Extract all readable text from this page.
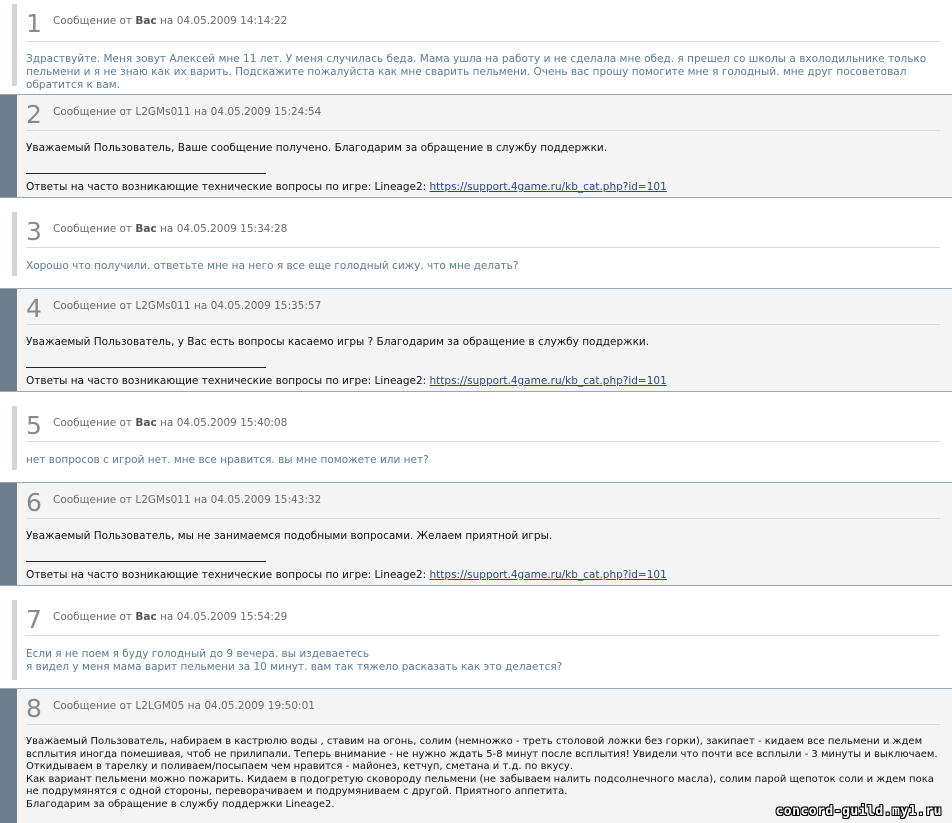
1 Сообщение от Вас на 04.05.2009 14:14:22
Здраствуйте. Меня зовут Алексей мне 11 лет. У меня случилась беда. Мама ушла на работу и не сделала мне обед. я прешел со школы а вхолодильнике только пельмени и я не знаю как их варить. Подскажите пожалуйста как мне сварить пельмени. Очень вас прошу помогите мне я голодный. мне друг посоветовал обратится к вам.
2 Сообщение от L2GMs011 на 04.05.2009 15:24:54
Уважаемый Пользователь, Ваше сообщение получено. Благодарим за обращение в службу поддержки.
Ответы на часто возникающие технические вопросы по игре: Lineage2: https://support.4game.ru/kb_cat.php?id=101
3 Сообщение от Вас на 04.05.2009 15:34:28
Хорошо что получили. ответьте мне на него я все еще голодный сижу. что мне делать?
4 Сообщение от L2GMs011 на 04.05.2009 15:35:57
Уважаемый Пользователь, у Вас есть вопросы касаемо игры ? Благодарим за обращение в службу поддержки.
Ответы на часто возникающие технические вопросы по игре: Lineage2: https://support.4game.ru/kb_cat.php?id=101
5 Сообщение от Вас на 04.05.2009 15:40:08
нет вопросов с игрой нет. мне все нравится. вы мне поможете или нет?
6 Сообщение от L2GMs011 на 04.05.2009 15:43:32
Уважаемый Пользователь, мы не занимаемся подобными вопросами. Желаем приятной игры.
Ответы на часто возникающие технические вопросы по игре: Lineage2: https://support.4game.ru/kb_cat.php?id=101
7 Сообщение от Вас на 04.05.2009 15:54:29
Если я не поем я буду голодный до 9 вечера. вы издеваетесь
я видел у меня мама варит пельмени за 10 минут. вам так тяжело расказать как это делается?
8 Сообщение от L2LGM05 на 04.05.2009 19:50:01
Уважаемый Пользователь, набираем в кастрюлю воды , ставим на огонь, солим (немножко - треть столовой ложки без горки), закипает - кидаем все пельмени и ждем всплытия иногда помешивая, чтоб не прилипали. Теперь внимание - не нужно ждать 5-8 минут после всплытия! Увидели что почти все всплыли - 3 минуты и выключаем. Откидываем в тарелку и поливаем/посыпаем чем нравится - майонез, кетчуп, сметана и т.д. по вкусу.
Как вариант пельмени можно пожарить. Кидаем в подогретую сковороду пельмени (не забываем налить подсолнечного масла), солим парой щепоток соли и ждем пока не подрумянятся с одной стороны, переворачиваем и подрумяниваем с другой. Приятного аппетита.
Благодарим за обращение в службу поддержки Lineage2.	concord-guild.my1.ru
